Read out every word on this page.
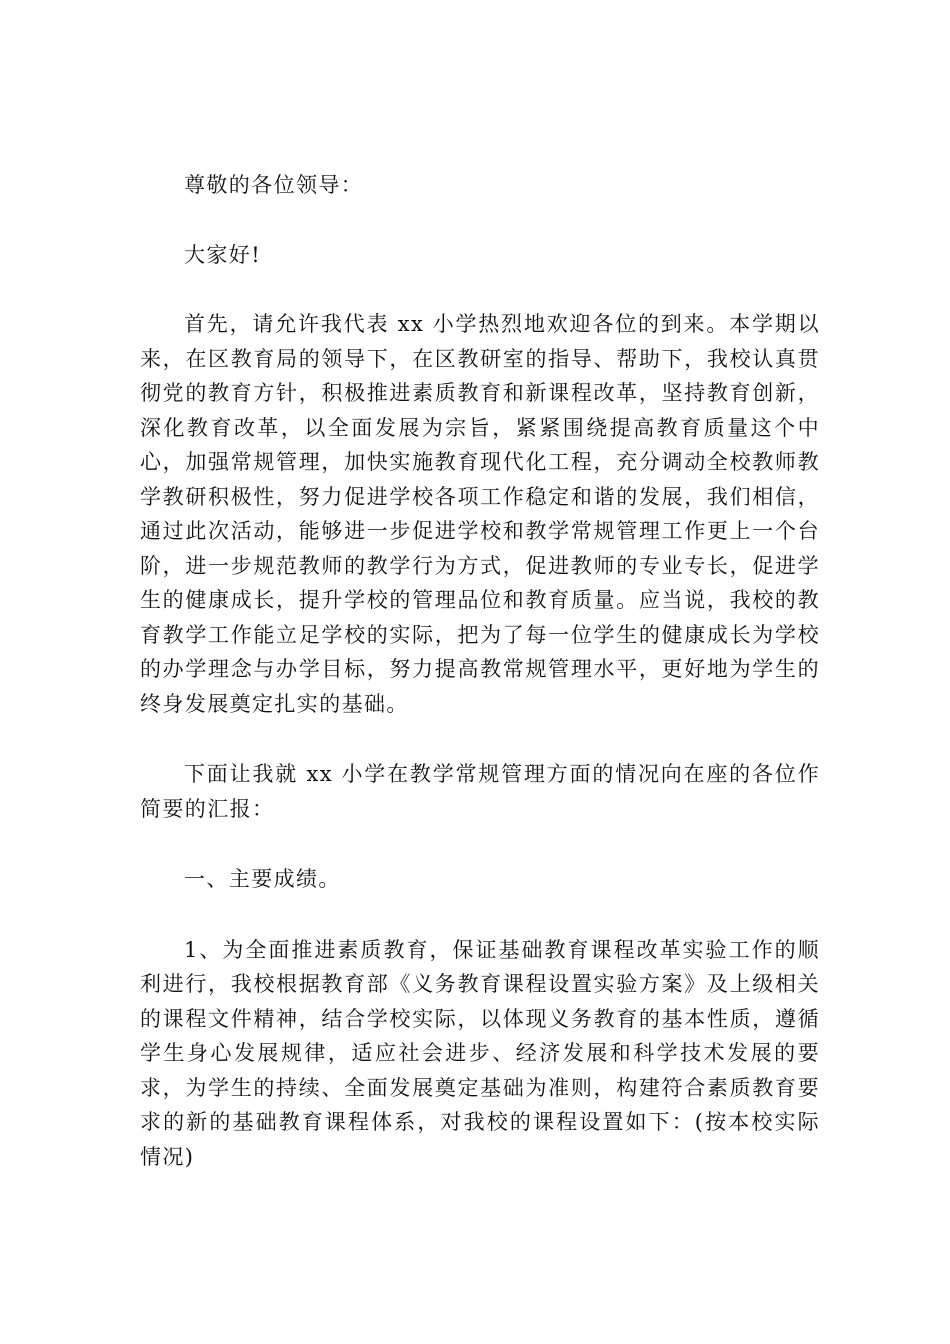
尊敬的各位领导：

大家好!

首先，请允许我代表 xx 小学热烈地欢迎各位的到来。本学期以来，在区教育局的领导下，在区教研室的指导、帮助下，我校认真贯彻党的教育方针，积极推进素质教育和新课程改革，坚持教育创新，深化教育改革，以全面发展为宗旨，紧紧围绕提高教育质量这个中心，加强常规管理，加快实施教育现代化工程，充分调动全校教师教学教研积极性，努力促进学校各项工作稳定和谐的发展，我们相信，通过此次活动，能够进一步促进学校和教学常规管理工作更上一个台阶，进一步规范教师的教学行为方式，促进教师的专业专长，促进学生的健康成长，提升学校的管理品位和教育质量。应当说，我校的教育教学工作能立足学校的实际，把为了每一位学生的健康成长为学校的办学理念与办学目标，努力提高教常规管理水平，更好地为学生的终身发展奠定扎实的基础。

下面让我就 xx 小学在教学常规管理方面的情况向在座的各位作简要的汇报：

一、主要成绩。

1、为全面推进素质教育，保证基础教育课程改革实验工作的顺利进行，我校根据教育部《义务教育课程设置实验方案》及上级相关的课程文件精神，结合学校实际，以体现义务教育的基本性质，遵循学生身心发展规律，适应社会进步、经济发展和科学技术发展的要求，为学生的持续、全面发展奠定基础为准则，构建符合素质教育要求的新的基础教育课程体系，对我校的课程设置如下：(按本校实际情况)
